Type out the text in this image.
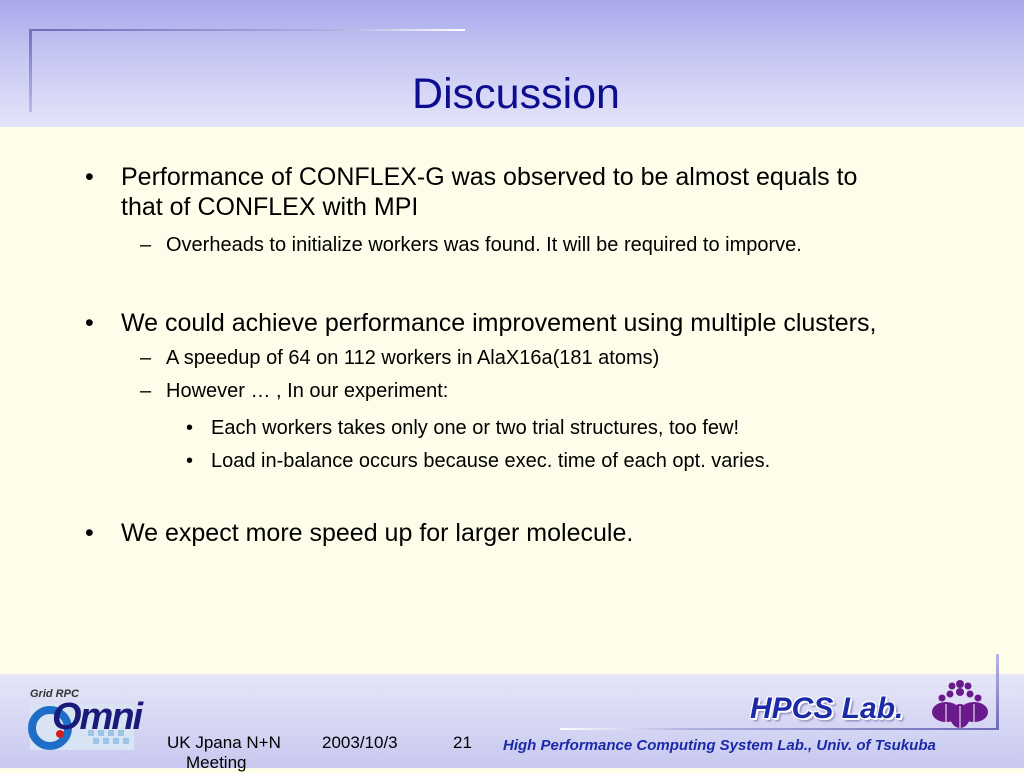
Discussion
• Performance of CONFLEX-G was observed to be almost equals to
that of CONFLEX with MPI
– Overheads to initialize workers was found. It will be required to imporve.
• We could achieve performance improvement using multiple clusters,
– A speedup of 64 on 112 workers in AlaX16a(181 atoms)
– However … , In our experiment:
• Each workers takes only one or two trial structures, too few!
• Load in-balance occurs because exec. time of each opt. varies.
• We expect more speed up for larger molecule.
Grid RPC
Omni
UK Jpana N+N
Meeting
2003/10/3	21
HPCS Lab.
High Performance Computing System Lab., Univ. of Tsukuba
